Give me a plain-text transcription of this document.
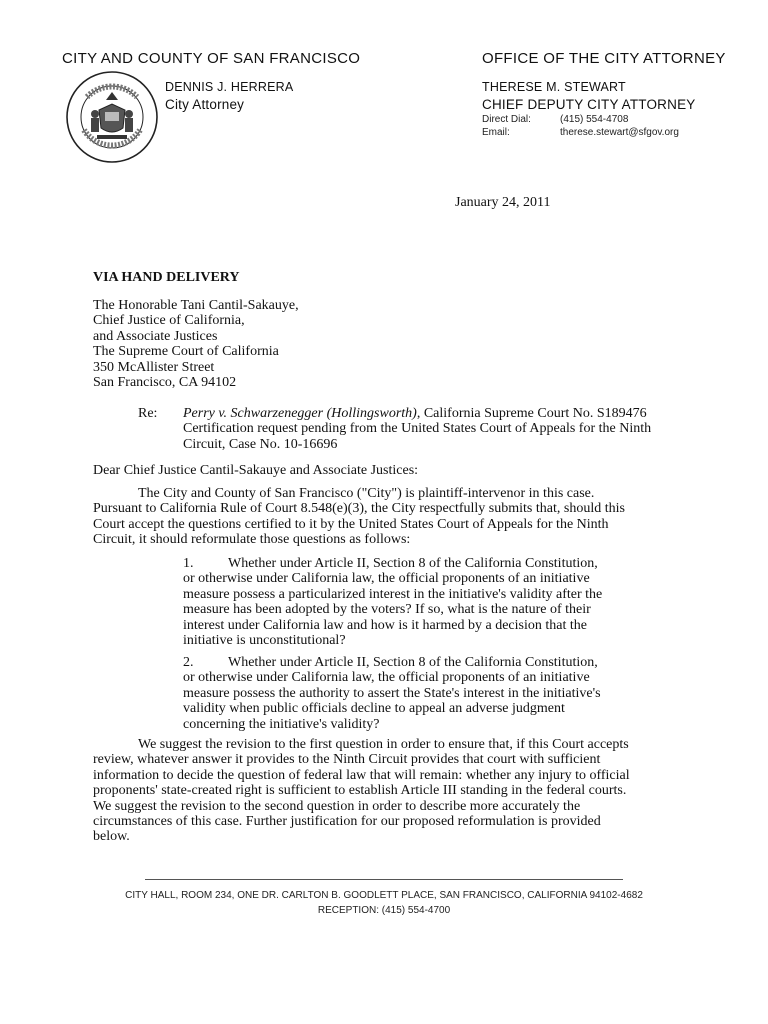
CITY AND COUNTY OF SAN FRANCISCO	OFFICE OF THE CITY ATTORNEY
DENNIS J. HERRERA
City Attorney
THERESE M. STEWART
CHIEF DEPUTY CITY ATTORNEY
Direct Dial:	(415) 554-4708
Email:	therese.stewart@sfgov.org
January 24, 2011
VIA HAND DELIVERY
The Honorable Tani Cantil-Sakauye,
Chief Justice of California,
and Associate Justices
The Supreme Court of California
350 McAllister Street
San Francisco, CA 94102
Re: Perry v. Schwarzenegger (Hollingsworth), California Supreme Court No. S189476
Certification request pending from the United States Court of Appeals for the Ninth
Circuit, Case No. 10-16696
Dear Chief Justice Cantil-Sakauye and Associate Justices:
The City and County of San Francisco ("City") is plaintiff-intervenor in this case.
Pursuant to California Rule of Court 8.548(e)(3), the City respectfully submits that, should this
Court accept the questions certified to it by the United States Court of Appeals for the Ninth
Circuit, it should reformulate those questions as follows:
1. Whether under Article II, Section 8 of the California Constitution,
or otherwise under California law, the official proponents of an initiative
measure possess a particularized interest in the initiative's validity after the
measure has been adopted by the voters? If so, what is the nature of their
interest under California law and how is it harmed by a decision that the
initiative is unconstitutional?
2. Whether under Article II, Section 8 of the California Constitution,
or otherwise under California law, the official proponents of an initiative
measure possess the authority to assert the State's interest in the initiative's
validity when public officials decline to appeal an adverse judgment
concerning the initiative's validity?
We suggest the revision to the first question in order to ensure that, if this Court accepts
review, whatever answer it provides to the Ninth Circuit provides that court with sufficient
information to decide the question of federal law that will remain: whether any injury to official
proponents' state-created right is sufficient to establish Article III standing in the federal courts.
We suggest the revision to the second question in order to describe more accurately the
circumstances of this case. Further justification for our proposed reformulation is provided
below.
CITY HALL, ROOM 234, ONE DR. CARLTON B. GOODLETT PLACE, SAN FRANCISCO, CALIFORNIA 94102-4682
RECEPTION: (415) 554-4700
